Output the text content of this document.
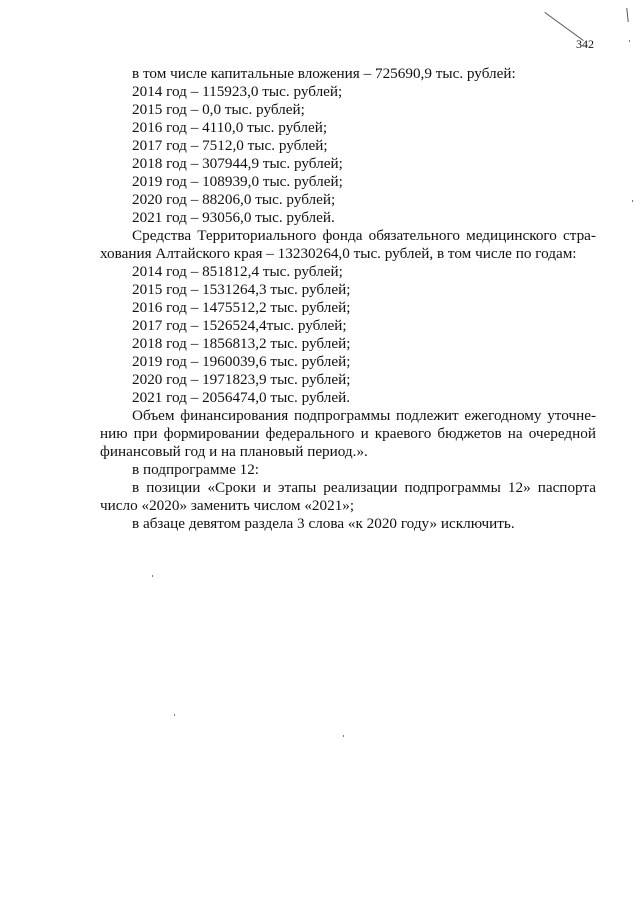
342
в том числе капитальные вложения – 725690,9 тыс. рублей:
2014 год – 115923,0 тыс. рублей;
2015 год – 0,0 тыс. рублей;
2016 год – 4110,0 тыс. рублей;
2017 год – 7512,0 тыс. рублей;
2018 год – 307944,9 тыс. рублей;
2019 год – 108939,0 тыс. рублей;
2020 год – 88206,0 тыс. рублей;
2021 год – 93056,0 тыс. рублей.
Средства Территориального фонда обязательного медицинского стра-
хования Алтайского края – 13230264,0 тыс. рублей, в том числе по годам:
2014 год – 851812,4 тыс. рублей;
2015 год – 1531264,3 тыс. рублей;
2016 год – 1475512,2 тыс. рублей;
2017 год – 1526524,4тыс. рублей;
2018 год – 1856813,2 тыс. рублей;
2019 год – 1960039,6 тыс. рублей;
2020 год – 1971823,9 тыс. рублей;
2021 год – 2056474,0 тыс. рублей.
Объем финансирования подпрограммы подлежит ежегодному уточне-
нию при формировании федерального и краевого бюджетов на очередной
финансовый год и на плановый период.».
в подпрограмме 12:
в позиции «Сроки и этапы реализации подпрограммы 12» паспорта
число «2020» заменить числом «2021»;
в абзаце девятом раздела 3 слова «к 2020 году» исключить.
